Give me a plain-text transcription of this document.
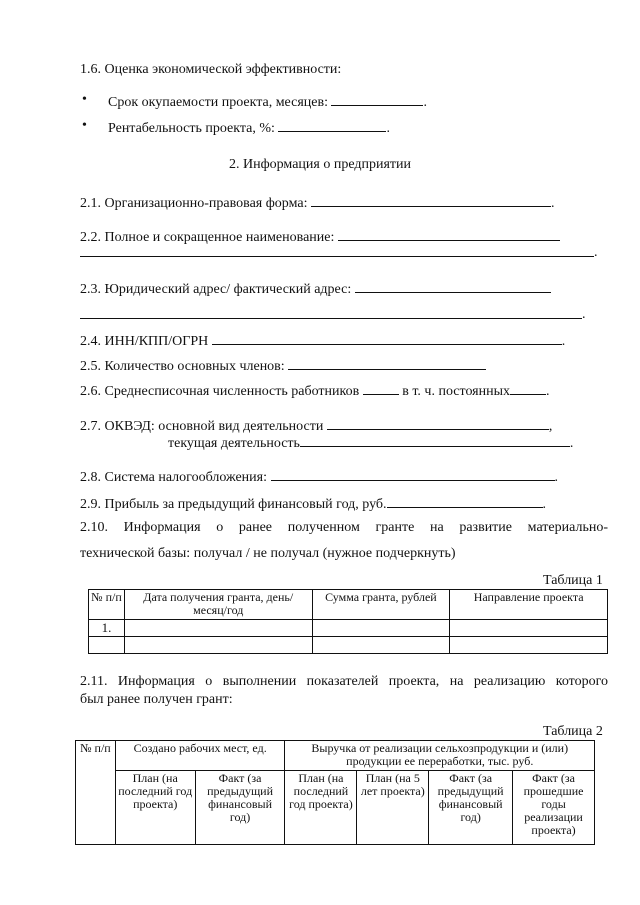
1.6. Оценка экономической эффективности:
• Срок окупаемости проекта, месяцев:	.
• Рентабельность проекта, %:	.
2. Информация о предприятии
2.1. Организационно-правовая форма:	.
2.2. Полное и сокращенное наименование:
.
2.3. Юридический адрес/ фактический адрес:
.
2.4. ИНН/КПП/ОГРН	.
2.5. Количество основных членов:
2.6. Среднесписочная численность работников	в т. ч. постоянных	.
2.7. ОКВЭД: основной вид деятельности	,
текущая деятельность	.
2.8. Система налогообложения:	.
2.9. Прибыль за предыдущий финансовый год, руб.	.
2.10. Информация о ранее полученном гранте на развитие материально-
технической базы: получал / не получал (нужное подчеркнуть)
Таблица 1
№ п/п	Дата получения гранта, день/месяц/год	Сумма гранта, рублей	Направление проекта
1.			

2.11. Информация о выполнении показателей проекта, на реализацию которого
был ранее получен грант:
Таблица 2
№ п/п	Создано рабочих мест, ед.		Выручка от реализации сельхозпродукции и (или) продукции ее переработки, тыс. руб.			
	План (на последний год проекта)	Факт (за предыдущий финансовый год)	План (на последний год проекта)	План (на 5 лет проекта)	Факт (за предыдущий финансовый год)	Факт (за прошедшие годы реализации проекта)
